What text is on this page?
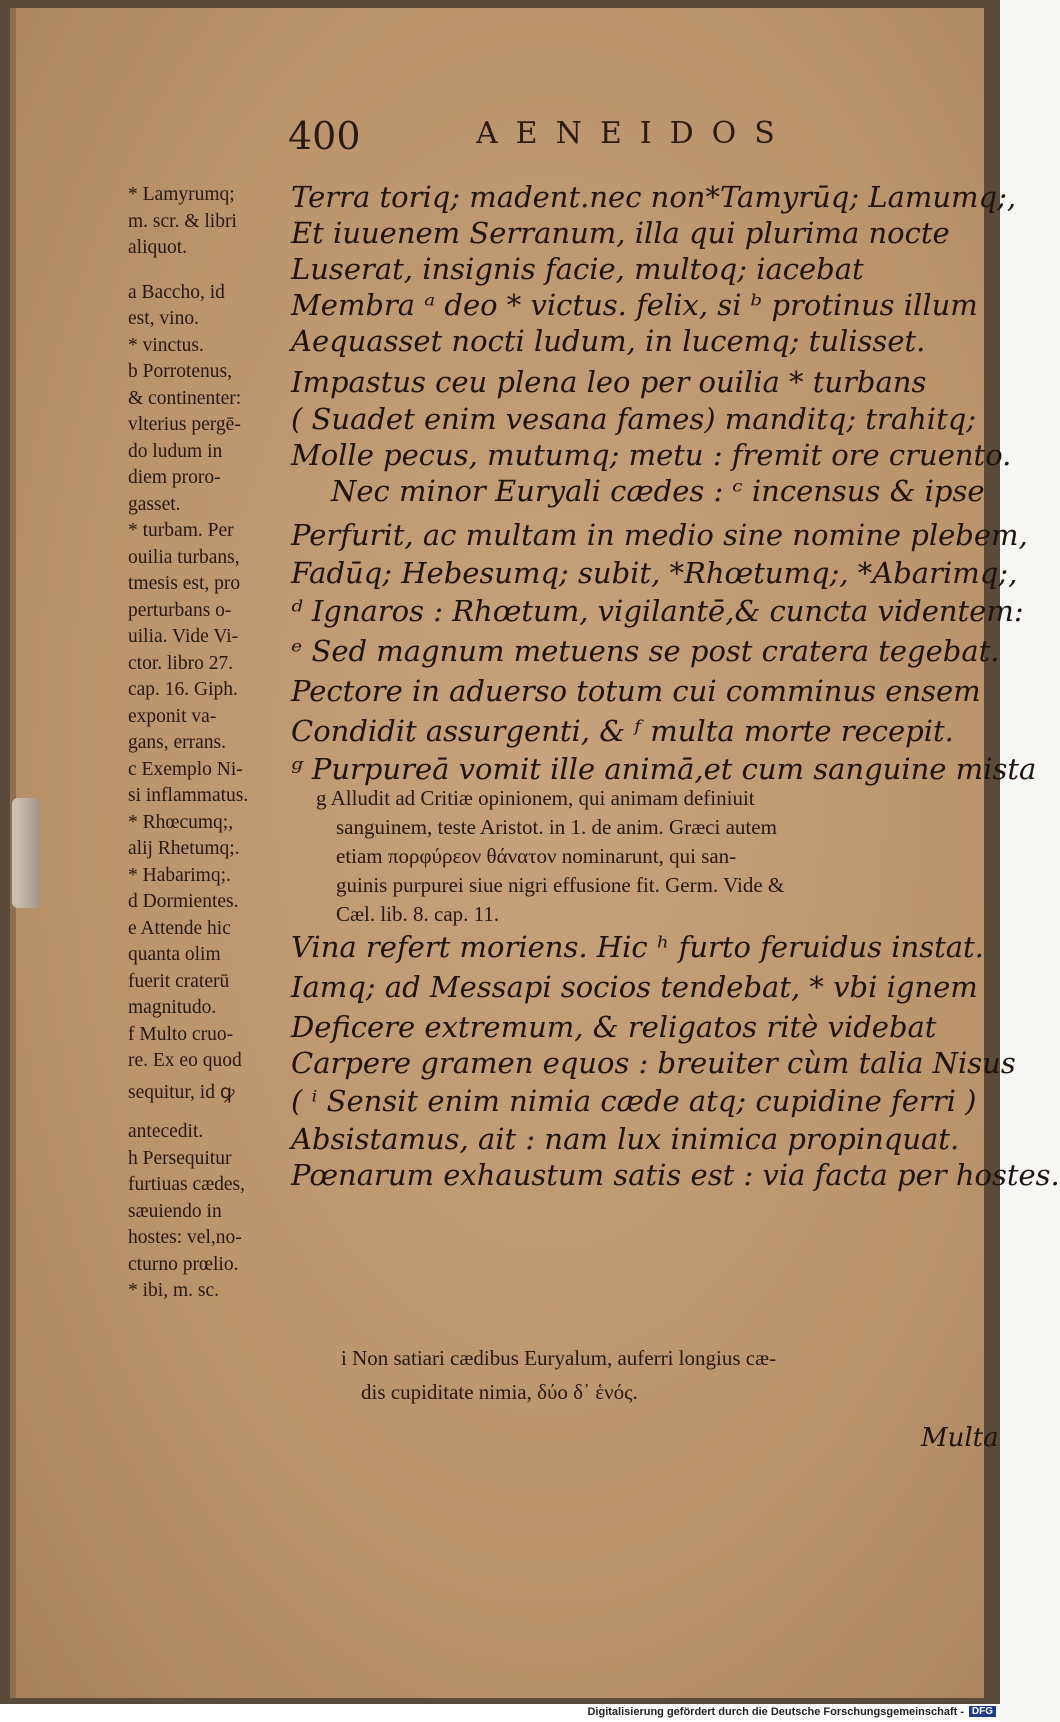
400	AENEIDOS
* Lamyrumq;
m. scr. & libri
aliquot.
a Baccho, id
est, vino.
* vinctus.
b Porrotenus,
& continenter:
vlterius pergē-
do ludum in
diem proro-
gasset.
* turbam. Per
ouilia turbans,
tmesis est, pro
perturbans o-
uilia. Vide Vi-
ctor. libro 27.
cap. 16. Giph.
exponit va-
gans, errans.
c Exemplo Ni-
si inflammatus.
* Rhœcumq;,
alij Rhetumq;.
* Habarimq;.
d Dormientes.
e Attende hic
quanta olim
fuerit craterū
magnitudo.
f Multo cruo-
re. Ex eo quod
sequitur, id ꝙ
antecedit.
h Persequitur
furtiuas cædes,
sæuiendo in
hostes: vel,no-
cturno prœlio.
* ibi, m. sc.
Terra toriq; madent.nec non*Tamyrūq; Lamumq;,
Et iuuenem Serranum, illa qui plurima nocte
Luserat, insignis facie, multoq; iacebat
Membra ᵃ deo * victus. felix, si ᵇ protinus illum
Aequasset nocti ludum, in lucemq; tulisset.
Impastus ceu plena leo per ouilia * turbans
( Suadet enim vesana fames) manditq; trahitq;
Molle pecus, mutumq; metu : fremit ore cruento.
Nec minor Euryali cædes : ᶜ incensus & ipse
Perfurit, ac multam in medio sine nomine plebem,
Fadūq; Hebesumq; subit, *Rhœtumq;, *Abarimq;,
ᵈ Ignaros : Rhœtum, vigilantē,& cuncta videntem:
ᵉ Sed magnum metuens se post cratera tegebat.
Pectore in aduerso totum cui comminus ensem
Condidit assurgenti, & ᶠ multa morte recepit.
ᵍ Purpureā vomit ille animā,et cum sanguine mista
Vina refert moriens. Hic ʰ furto feruidus instat.
Iamq; ad Messapi socios tendebat, * vbi ignem
Deficere extremum, & religatos ritè videbat
Carpere gramen equos : breuiter cùm talia Nisus
( ⁱ Sensit enim nimia cæde atq; cupidine ferri )
Absistamus, ait : nam lux inimica propinquat.
Pœnarum exhaustum satis est : via facta per hostes.
g Alludit ad Critiæ opinionem, qui animam definiuit
sanguinem, teste Aristot. in 1. de anim. Græci autem
etiam πορφύρεον θάνατον nominarunt, qui san-
guinis purpurei siue nigri effusione fit. Germ. Vide &
Cæl. lib. 8. cap. 11.
i Non satiari cædibus Euryalum, auferri longius cæ-
dis cupiditate nimia, δύο δ᾽ ἑνός.
Multa
Digitalisierung gefördert durch die Deutsche Forschungsgemeinschaft - DFG
